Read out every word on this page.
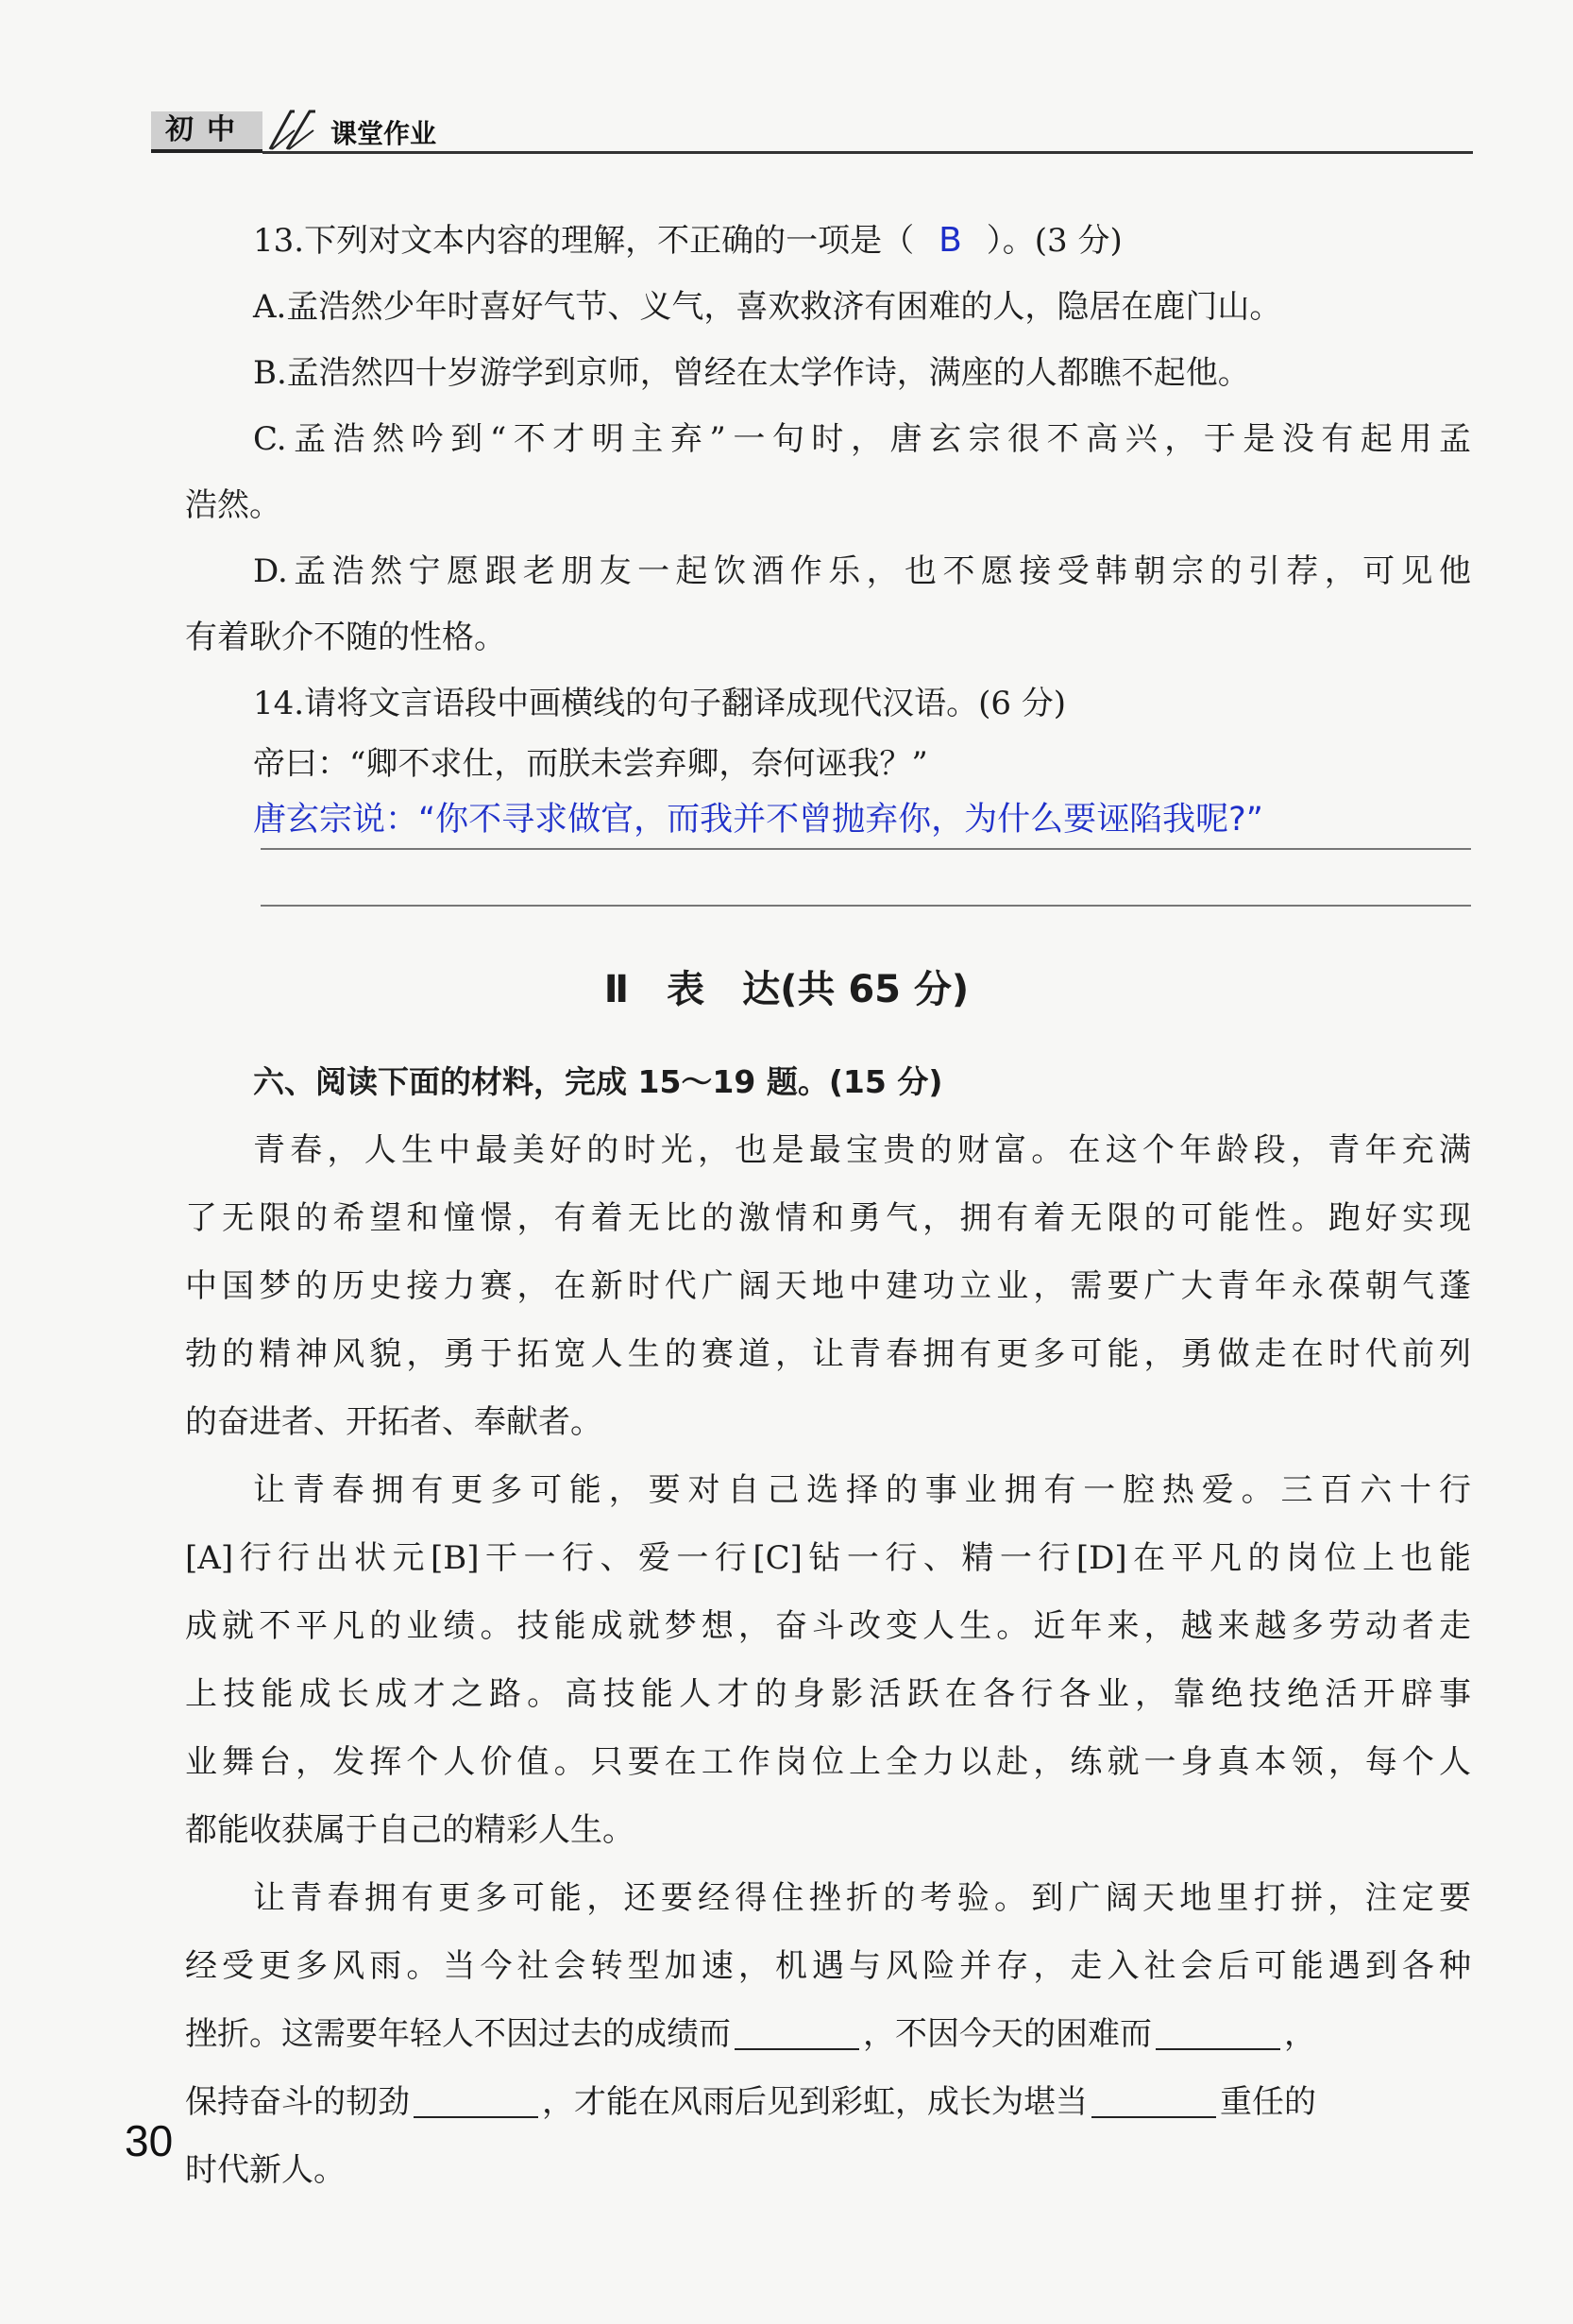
初中	课堂作业
13.下列对文本内容的理解，不正确的一项是（ B ）。(3 分)
A.孟浩然少年时喜好气节、义气，喜欢救济有困难的人，隐居在鹿门山。
B.孟浩然四十岁游学到京师，曾经在太学作诗，满座的人都瞧不起他。
C.孟浩然吟到“不才明主弃”一句时，唐玄宗很不高兴，于是没有起用孟
浩然。
D.孟浩然宁愿跟老朋友一起饮酒作乐，也不愿接受韩朝宗的引荐，可见他
有着耿介不随的性格。
14.请将文言语段中画横线的句子翻译成现代汉语。(6 分)
帝曰：“卿不求仕，而朕未尝弃卿，奈何诬我？”
唐玄宗说：“你不寻求做官，而我并不曾抛弃你，为什么要诬陷我呢?”
Ⅱ　表　达(共 65 分)
六、阅读下面的材料，完成 15～19 题。(15 分)
青春，人生中最美好的时光，也是最宝贵的财富。在这个年龄段，青年充满
了无限的希望和憧憬，有着无比的激情和勇气，拥有着无限的可能性。跑好实现
中国梦的历史接力赛，在新时代广阔天地中建功立业，需要广大青年永葆朝气蓬
勃的精神风貌，勇于拓宽人生的赛道，让青春拥有更多可能，勇做走在时代前列
的奋进者、开拓者、奉献者。
让青春拥有更多可能，要对自己选择的事业拥有一腔热爱。三百六十行
[A]行行出状元[B]干一行、爱一行[C]钻一行、精一行[D]在平凡的岗位上也能
成就不平凡的业绩。技能成就梦想，奋斗改变人生。近年来，越来越多劳动者走
上技能成长成才之路。高技能人才的身影活跃在各行各业，靠绝技绝活开辟事
业舞台，发挥个人价值。只要在工作岗位上全力以赴，练就一身真本领，每个人
都能收获属于自己的精彩人生。
让青春拥有更多可能，还要经得住挫折的考验。到广阔天地里打拼，注定要
经受更多风雨。当今社会转型加速，机遇与风险并存，走入社会后可能遇到各种
挫折。这需要年轻人不因过去的成绩而	，不因今天的困难而	，
保持奋斗的韧劲	，才能在风雨后见到彩虹，成长为堪当	重任的
时代新人。
30
